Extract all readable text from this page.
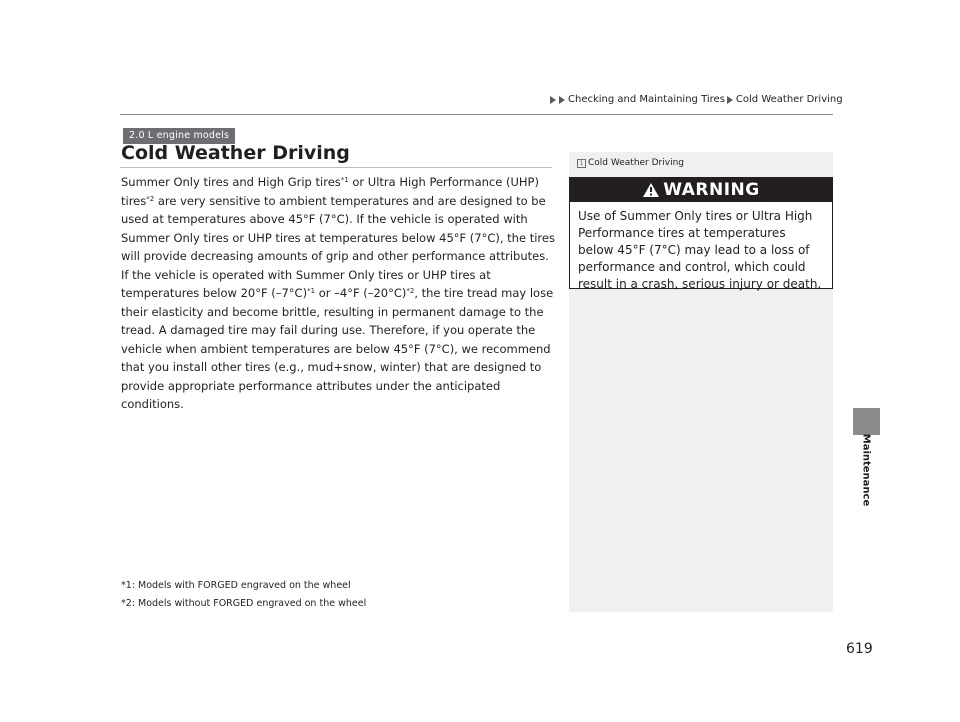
Checking and Maintaining Tires Cold Weather Driving
2.0 L engine models
Cold Weather Driving

Summer Only tires and High Grip tires$^{*1}$ or Ultra High Performance (UHP) tires$^{*2}$ are very sensitive to ambient temperatures and are designed to be used at temperatures above 45°F (7°C). If the vehicle is operated with Summer Only tires or UHP tires at temperatures below 45°F (7°C), the tires will provide decreasing amounts of grip and other performance attributes. If the vehicle is operated with Summer Only tires or UHP tires at temperatures below 20°F $(-7^\circ C)^{*1}$ or –4°F $(-20^\circ C)^{*2}$, the tire tread may lose their elasticity and become brittle, resulting in permanent damage to the tread. A damaged tire may fail during use. Therefore, if you operate the vehicle when ambient temperatures are below 45°F (7°C), we recommend that you install other tires (e.g., mud+snow, winter) that are designed to provide appropriate performance attributes under the anticipated conditions.

*1: Models with FORGED engraved on the wheel
*2: Models without FORGED engraved on the wheel
1 Cold Weather Driving
WARNING

Use of Summer Only tires or Ultra High Performance tires at temperatures below 45°F (7°C) may lead to a loss of performance and control, which could result in a crash, serious injury or death.

Maintenance
619
